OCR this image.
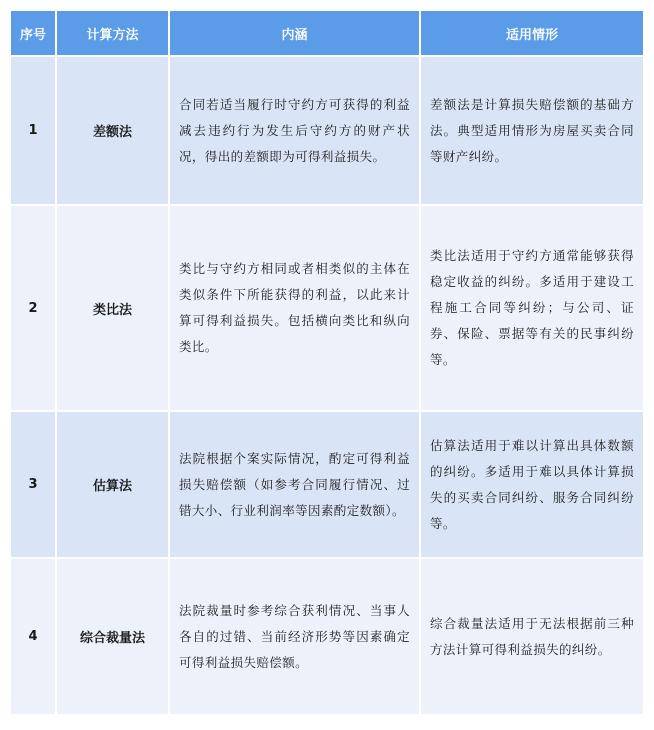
序号	计算方法	内涵	适用情形
1	差额法	合同若适当履行时守约方可获得的利益减去违约行为发生后守约方的财产状况，得出的差额即为可得利益损失。	差额法是计算损失赔偿额的基础方法。典型适用情形为房屋买卖合同等财产纠纷。
2	类比法	类比与守约方相同或者相类似的主体在类似条件下所能获得的利益，以此来计算可得利益损失。包括横向类比和纵向类比。	类比法适用于守约方通常能够获得稳定收益的纠纷。多适用于建设工程施工合同等纠纷；与公司、证券、保险、票据等有关的民事纠纷等。
3	估算法	法院根据个案实际情况，酌定可得利益损失赔偿额（如参考合同履行情况、过错大小、行业利润率等因素酌定数额）。	估算法适用于难以计算出具体数额的纠纷。多适用于难以具体计算损失的买卖合同纠纷、服务合同纠纷等。
4	综合裁量法	法院裁量时参考综合获利情况、当事人各自的过错、当前经济形势等因素确定可得利益损失赔偿额。	综合裁量法适用于无法根据前三种方法计算可得利益损失的纠纷。
